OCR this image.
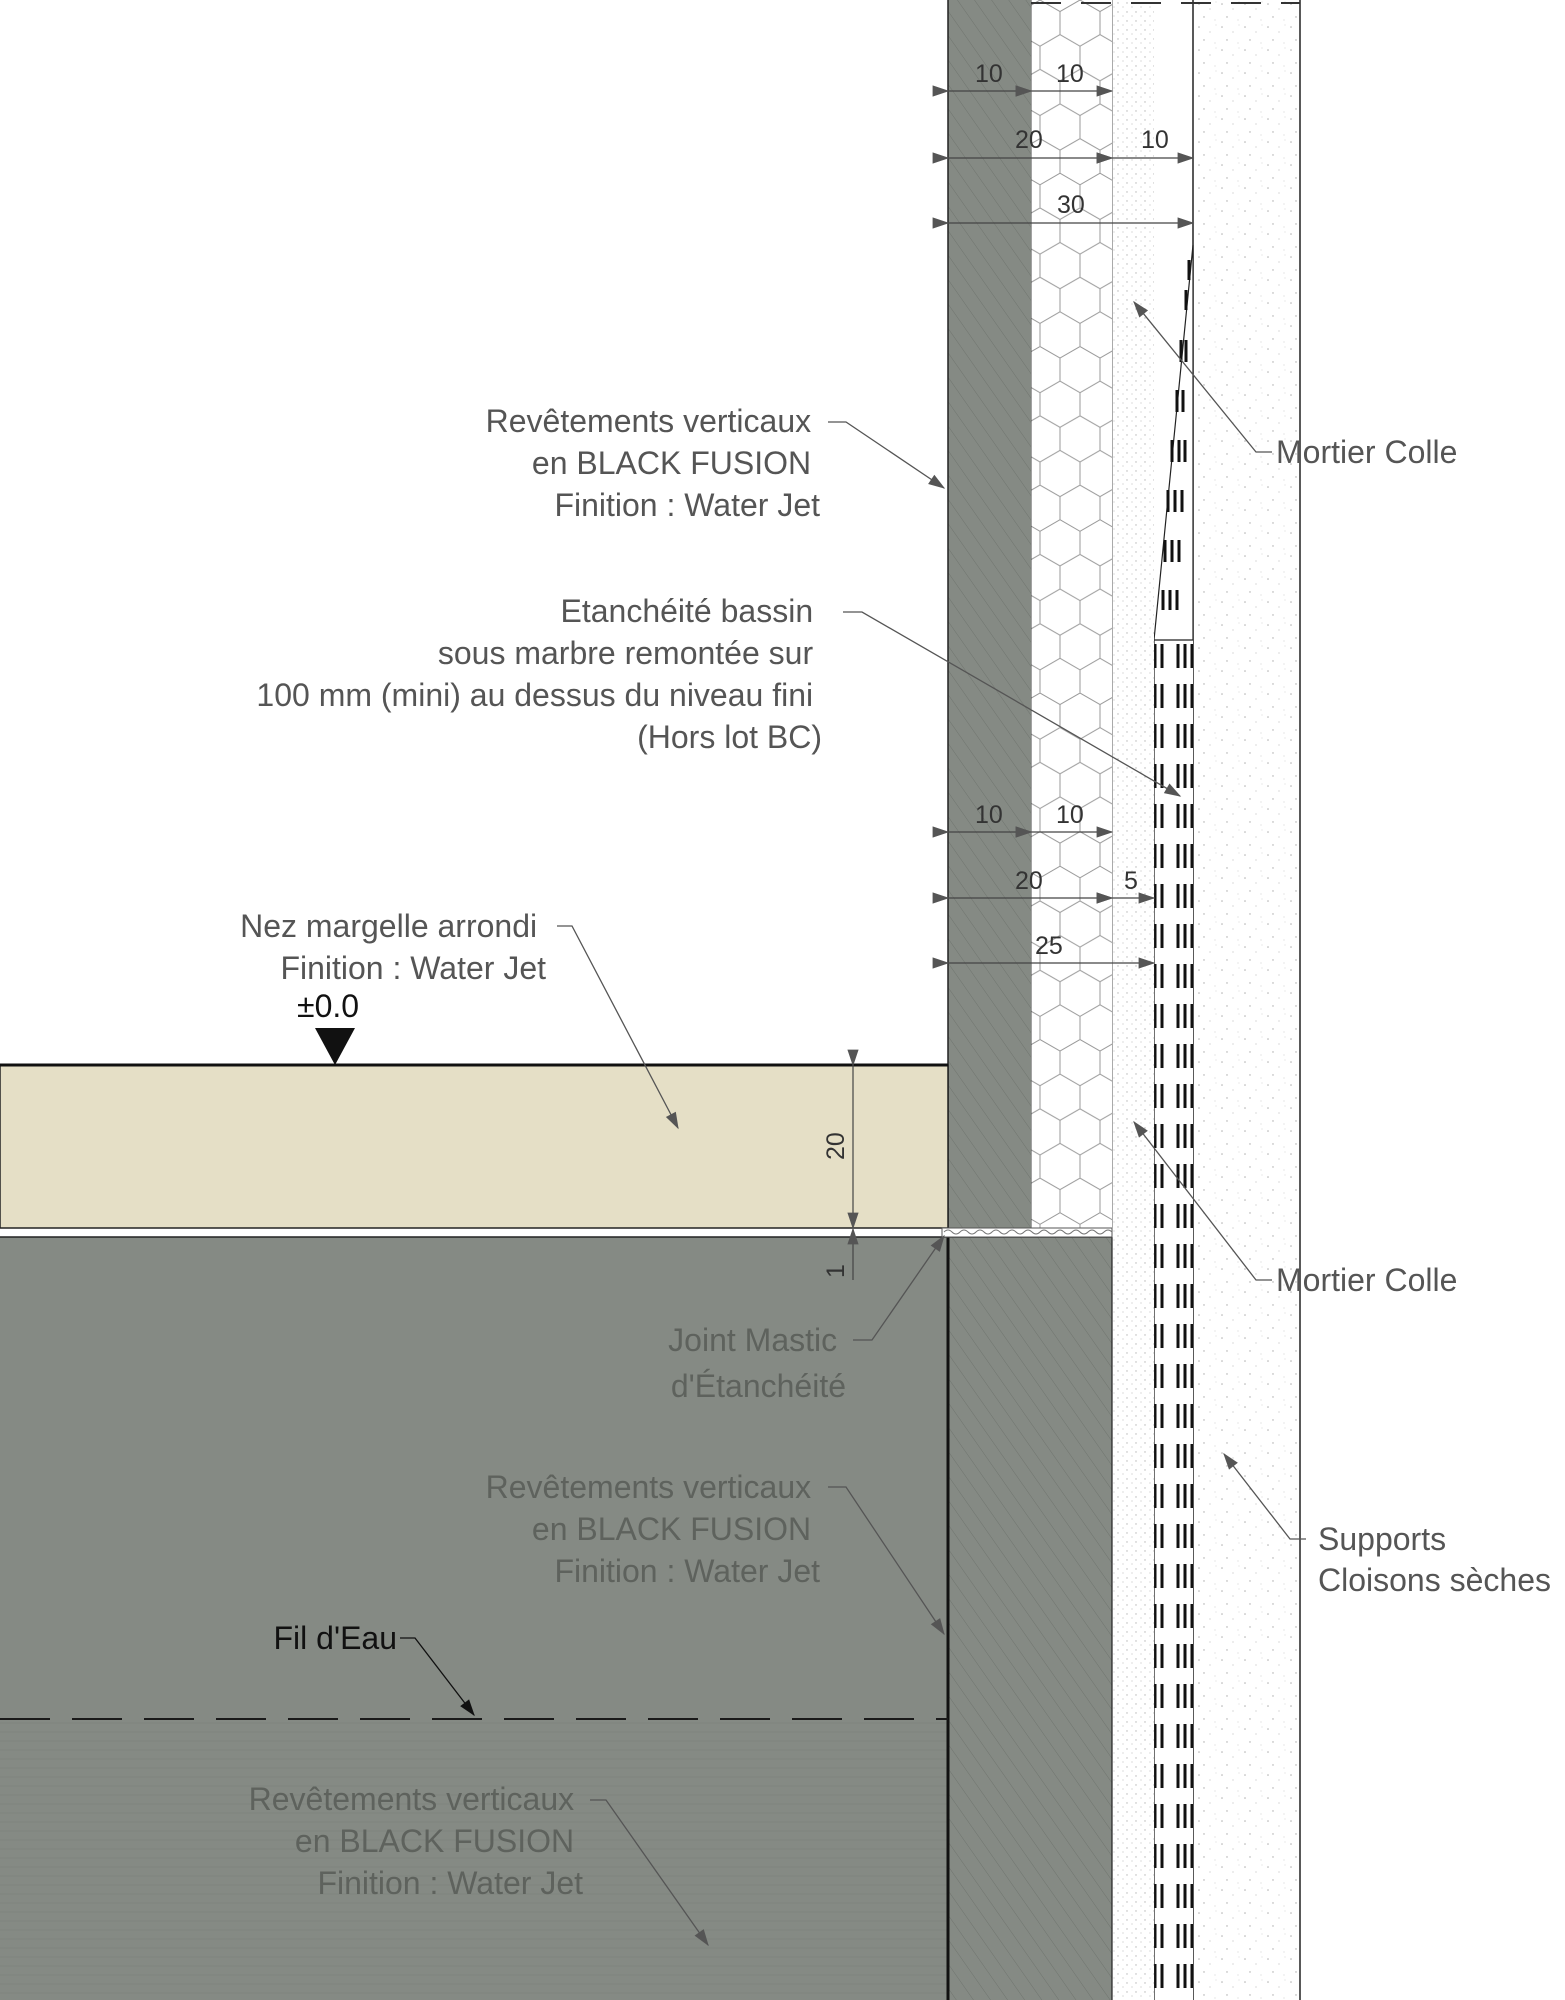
±0.0
10 10
20	10
30
10 10
20	5
25
20
1
Revêtements verticaux en BLACK FUSION Finition : Water Jet
Etanchéité bassin sous marbre remontée sur 100 mm (mini) au dessus du niveau fini (Hors lot BC)
Nez margelle arrondi Finition : Water Jet
Joint Mastic d'Étanchéité
Revêtements verticaux en BLACK FUSION Finition : Water Jet
Revêtements verticaux en BLACK FUSION Finition : Water Jet
Fil d'Eau
Mortier Colle
Mortier Colle
Supports Cloisons sèches
